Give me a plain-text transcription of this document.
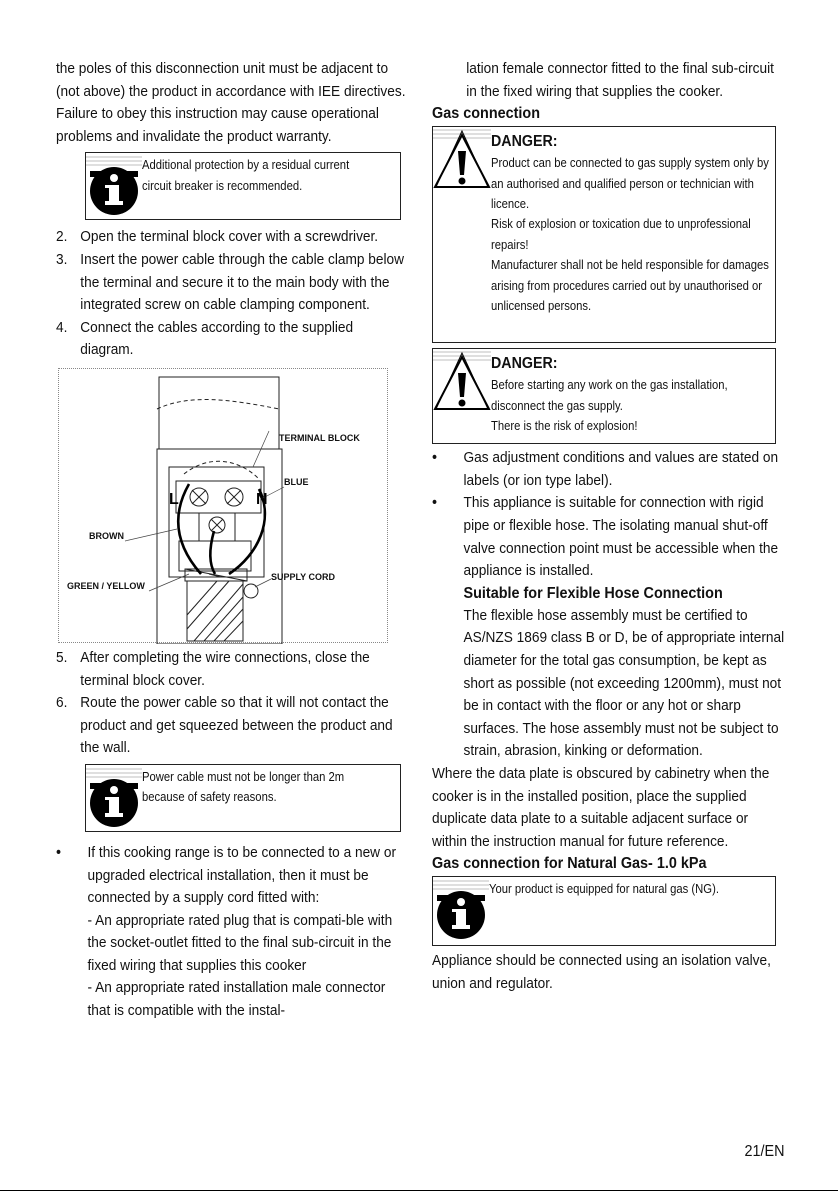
the poles of this disconnection unit must be adjacent to (not above) the product in accordance with IEE directives. Failure to obey this instruction may cause operational problems and invalidate the product warranty.

Additional protection by a residual current circuit breaker is recommended.
2. Open the terminal block cover with a screwdriver.
3. Insert the power cable through the cable clamp below the terminal and secure it to the main body with the integrated screw on cable clamping component.
4. Connect the cables according to the supplied diagram.
L	N
TERMINAL BLOCK
BLUE
BROWN
GREEN / YELLOW
SUPPLY CORD
5. After completing the wire connections, close the terminal block cover.
6. Route the power cable so that it will not contact the product and get squeezed between the product and the wall.
Power cable must not be longer than 2m because of safety reasons.
•
If this cooking range is to be connected to a new or upgraded electrical installation, then it must be connected by a supply cord fitted with:
- An appropriate rated plug that is compati-ble with the socket-outlet fitted to the final sub-circuit in the fixed wiring that supplies this cooker
- An appropriate rated installation male connector that is compatible with the instal-
lation female connector fitted to the final sub-circuit in the fixed wiring that supplies the cooker.
Gas connection
DANGER:
Product can be connected to gas supply system only by an authorised and qualified person or technician with licence.
Risk of explosion or toxication due to unprofessional repairs!
Manufacturer shall not be held responsible for damages arising from procedures carried out by unauthorised or unlicensed persons.
DANGER:
Before starting any work on the gas installation, disconnect the gas supply.
There is the risk of explosion!
•
Gas adjustment conditions and values are stated on labels (or ion type label).
•
This appliance is suitable for connection with rigid pipe or flexible hose. The isolating manual shut-off valve connection point must be accessible when the appliance is installed.
Suitable for Flexible Hose Connection
The flexible hose assembly must be certified to AS/NZS 1869 class B or D, be of appropriate internal diameter for the total gas consumption, be kept as short as possible (not exceeding 1200mm), must not be in contact with the floor or any hot or sharp surfaces. The hose assembly must not be subject to strain, abrasion, kinking or deformation.
Where the data plate is obscured by cabinetry when the cooker is in the installed position, place the supplied duplicate data plate to a suitable adjacent surface or within the instruction manual for future reference.
Gas connection for Natural Gas- 1.0 kPa
Your product is equipped for natural gas (NG).
Appliance should be connected using an isolation valve, union and regulator.
21/EN
